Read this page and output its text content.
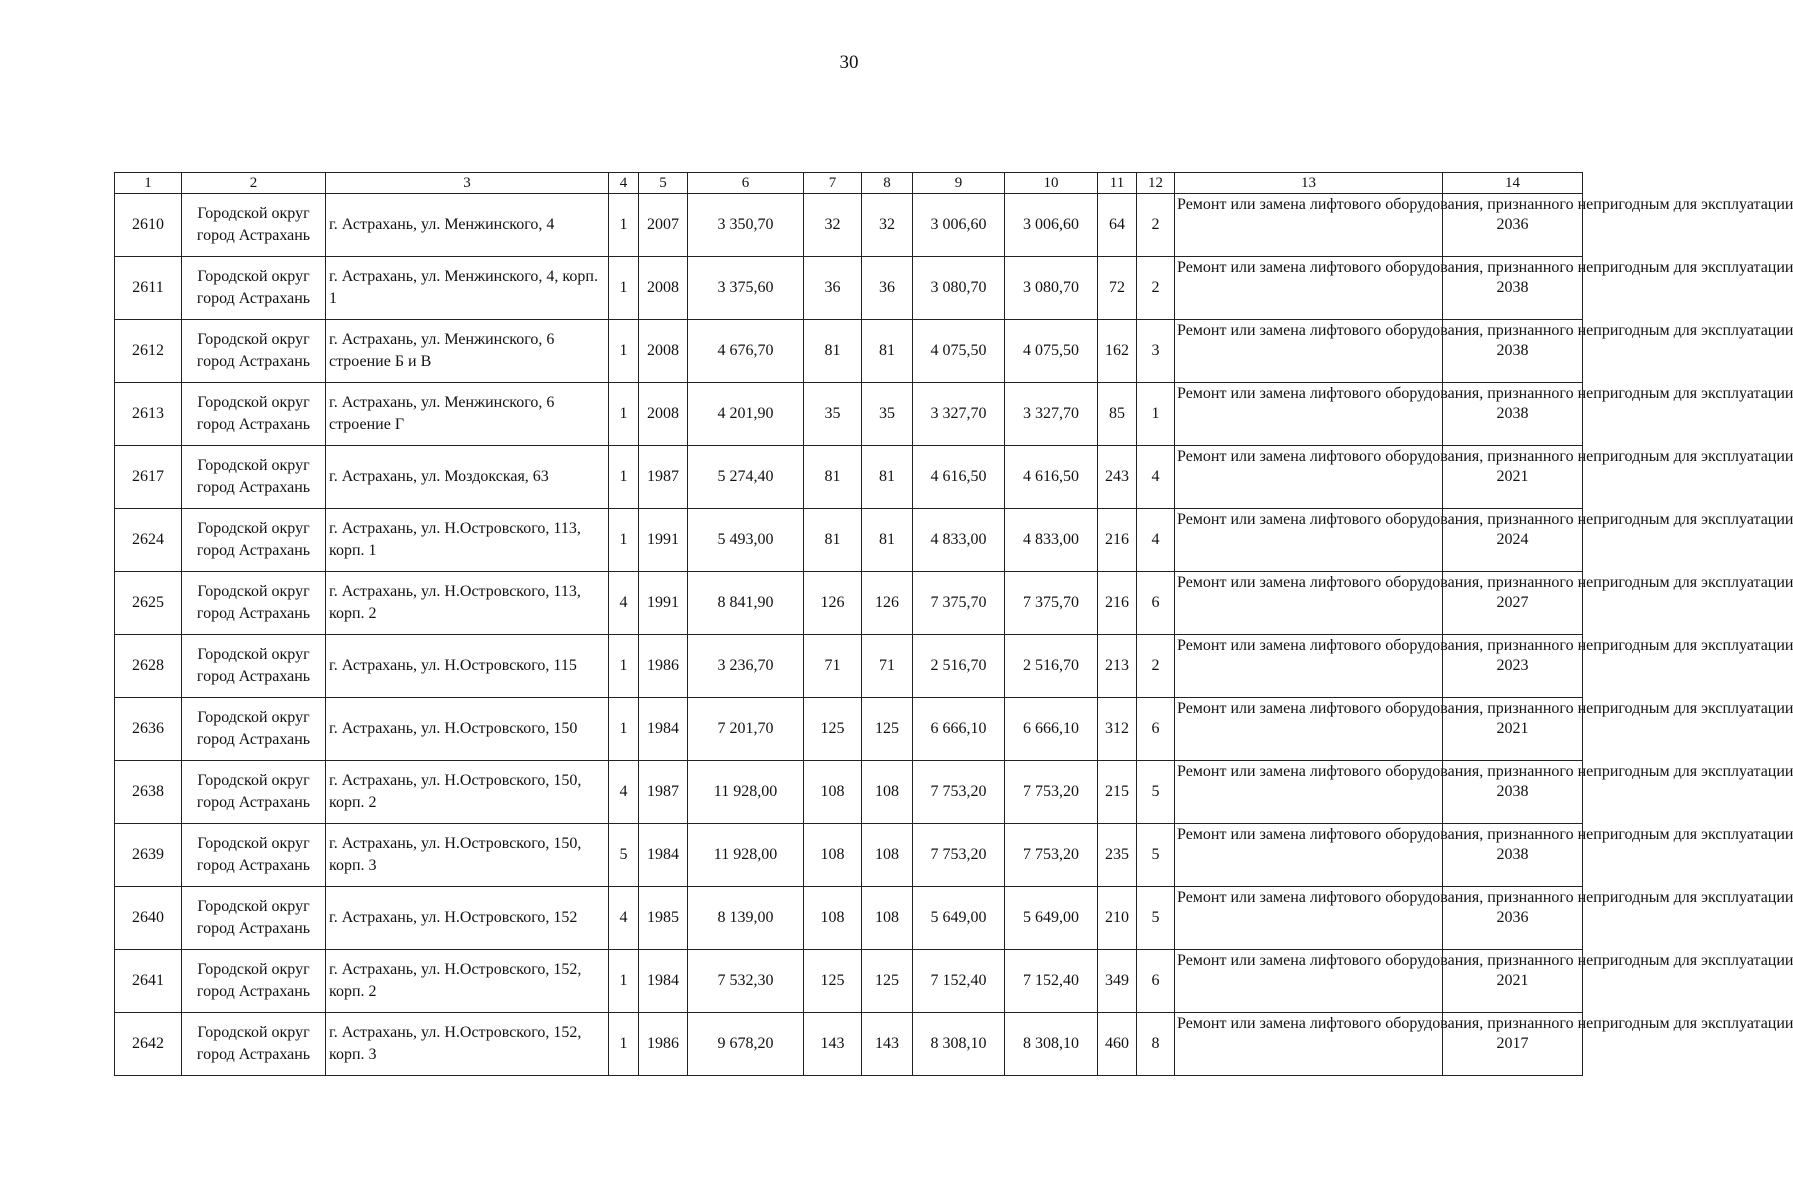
30
1	2	3	4	5	6	7	8	9	10	11	12	13	14
2610	Городской округ город Астрахань	г. Астрахань, ул. Менжинского, 4	1	2007	3 350,70	32	32	3 006,60	3 006,60	64	2	Ремонт или замена лифтового оборудования, признанного непригодным для эксплуатации	2036
2611	Городской округ город Астрахань	г. Астрахань, ул. Менжинского, 4, корп. 1	1	2008	3 375,60	36	36	3 080,70	3 080,70	72	2	Ремонт или замена лифтового оборудования, признанного непригодным для эксплуатации	2038
2612	Городской округ город Астрахань	г. Астрахань, ул. Менжинского, 6 строение Б и В	1	2008	4 676,70	81	81	4 075,50	4 075,50	162	3	Ремонт или замена лифтового оборудования, признанного непригодным для эксплуатации	2038
2613	Городской округ город Астрахань	г. Астрахань, ул. Менжинского, 6 строение Г	1	2008	4 201,90	35	35	3 327,70	3 327,70	85	1	Ремонт или замена лифтового оборудования, признанного непригодным для эксплуатации	2038
2617	Городской округ город Астрахань	г. Астрахань, ул. Моздокская, 63	1	1987	5 274,40	81	81	4 616,50	4 616,50	243	4	Ремонт или замена лифтового оборудования, признанного непригодным для эксплуатации	2021
2624	Городской округ город Астрахань	г. Астрахань, ул. Н.Островского, 113, корп. 1	1	1991	5 493,00	81	81	4 833,00	4 833,00	216	4	Ремонт или замена лифтового оборудования, признанного непригодным для эксплуатации	2024
2625	Городской округ город Астрахань	г. Астрахань, ул. Н.Островского, 113, корп. 2	4	1991	8 841,90	126	126	7 375,70	7 375,70	216	6	Ремонт или замена лифтового оборудования, признанного непригодным для эксплуатации	2027
2628	Городской округ город Астрахань	г. Астрахань, ул. Н.Островского, 115	1	1986	3 236,70	71	71	2 516,70	2 516,70	213	2	Ремонт или замена лифтового оборудования, признанного непригодным для эксплуатации	2023
2636	Городской округ город Астрахань	г. Астрахань, ул. Н.Островского, 150	1	1984	7 201,70	125	125	6 666,10	6 666,10	312	6	Ремонт или замена лифтового оборудования, признанного непригодным для эксплуатации	2021
2638	Городской округ город Астрахань	г. Астрахань, ул. Н.Островского, 150, корп. 2	4	1987	11 928,00	108	108	7 753,20	7 753,20	215	5	Ремонт или замена лифтового оборудования, признанного непригодным для эксплуатации	2038
2639	Городской округ город Астрахань	г. Астрахань, ул. Н.Островского, 150, корп. 3	5	1984	11 928,00	108	108	7 753,20	7 753,20	235	5	Ремонт или замена лифтового оборудования, признанного непригодным для эксплуатации	2038
2640	Городской округ город Астрахань	г. Астрахань, ул. Н.Островского, 152	4	1985	8 139,00	108	108	5 649,00	5 649,00	210	5	Ремонт или замена лифтового оборудования, признанного непригодным для эксплуатации	2036
2641	Городской округ город Астрахань	г. Астрахань, ул. Н.Островского, 152, корп. 2	1	1984	7 532,30	125	125	7 152,40	7 152,40	349	6	Ремонт или замена лифтового оборудования, признанного непригодным для эксплуатации	2021
2642	Городской округ город Астрахань	г. Астрахань, ул. Н.Островского, 152, корп. 3	1	1986	9 678,20	143	143	8 308,10	8 308,10	460	8	Ремонт или замена лифтового оборудования, признанного непригодным для эксплуатации	2017
